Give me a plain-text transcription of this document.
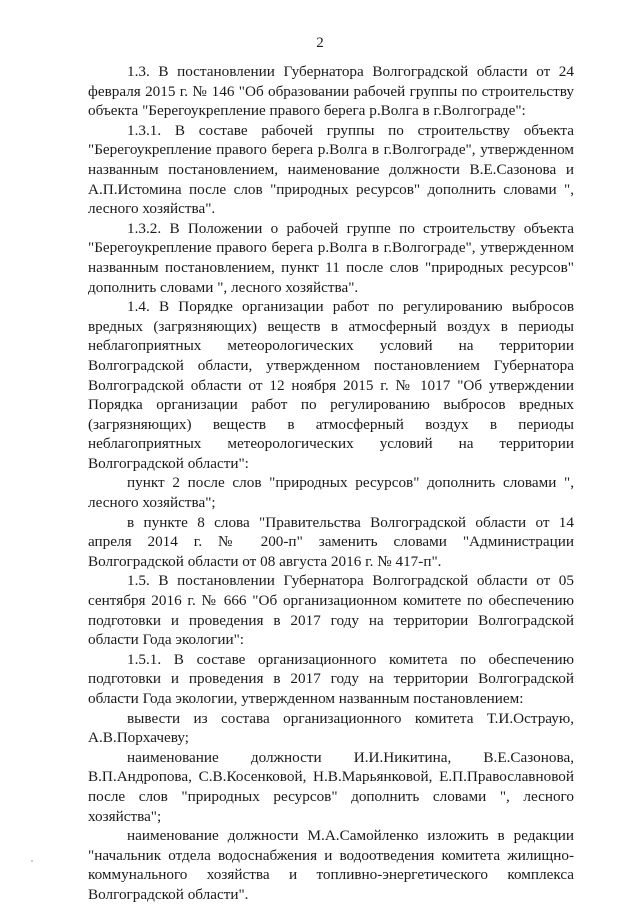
2

1.3. В постановлении Губернатора Волгоградской области от 24 февраля 2015 г. № 146 "Об образовании рабочей группы по строительству объекта "Берегоукрепление правого берега р.Волга в г.Волгограде":

1.3.1. В составе рабочей группы по строительству объекта "Берегоукрепление правого берега р.Волга в г.Волгограде", утвержденном названным постановлением, наименование должности В.Е.Сазонова и А.П.Истомина после слов "природных ресурсов" дополнить словами ", лесного хозяйства".

1.3.2. В Положении о рабочей группе по строительству объекта "Берегоукрепление правого берега р.Волга в г.Волгограде", утвержденном названным постановлением, пункт 11 после слов "природных ресурсов" дополнить словами ", лесного хозяйства".

1.4. В Порядке организации работ по регулированию выбросов вредных (загрязняющих) веществ в атмосферный воздух в периоды неблагоприятных метеорологических условий на территории Волгоградской области, утвержденном постановлением Губернатора Волгоградской области от 12 ноября 2015 г. № 1017 "Об утверждении Порядка организации работ по регулированию выбросов вредных (загрязняющих) веществ в атмосферный воздух в периоды неблагоприятных метеорологических условий на территории Волгоградской области":

пункт 2 после слов "природных ресурсов" дополнить словами ", лесного хозяйства";

в пункте 8 слова "Правительства Волгоградской области от 14 апреля 2014 г. № 200-п" заменить словами "Администрации Волгоградской области от 08 августа 2016 г. № 417-п".

1.5. В постановлении Губернатора Волгоградской области от 05 сентября 2016 г. № 666 "Об организационном комитете по обеспечению подготовки и проведения в 2017 году на территории Волгоградской области Года экологии":

1.5.1. В составе организационного комитета по обеспечению подготовки и проведения в 2017 году на территории Волгоградской области Года экологии, утвержденном названным постановлением:

вывести из состава организационного комитета Т.И.Остраую, А.В.Порхачеву;

наименование должности И.И.Никитина, В.Е.Сазонова, В.П.Андропова, С.В.Косенковой, Н.В.Марьянковой, Е.П.Православновой после слов "природных ресурсов" дополнить словами ", лесного хозяйства";

наименование должности М.А.Самойленко изложить в редакции "начальник отдела водоснабжения и водоотведения комитета жилищно-коммунального хозяйства и топливно-энергетического комплекса Волгоградской области".
